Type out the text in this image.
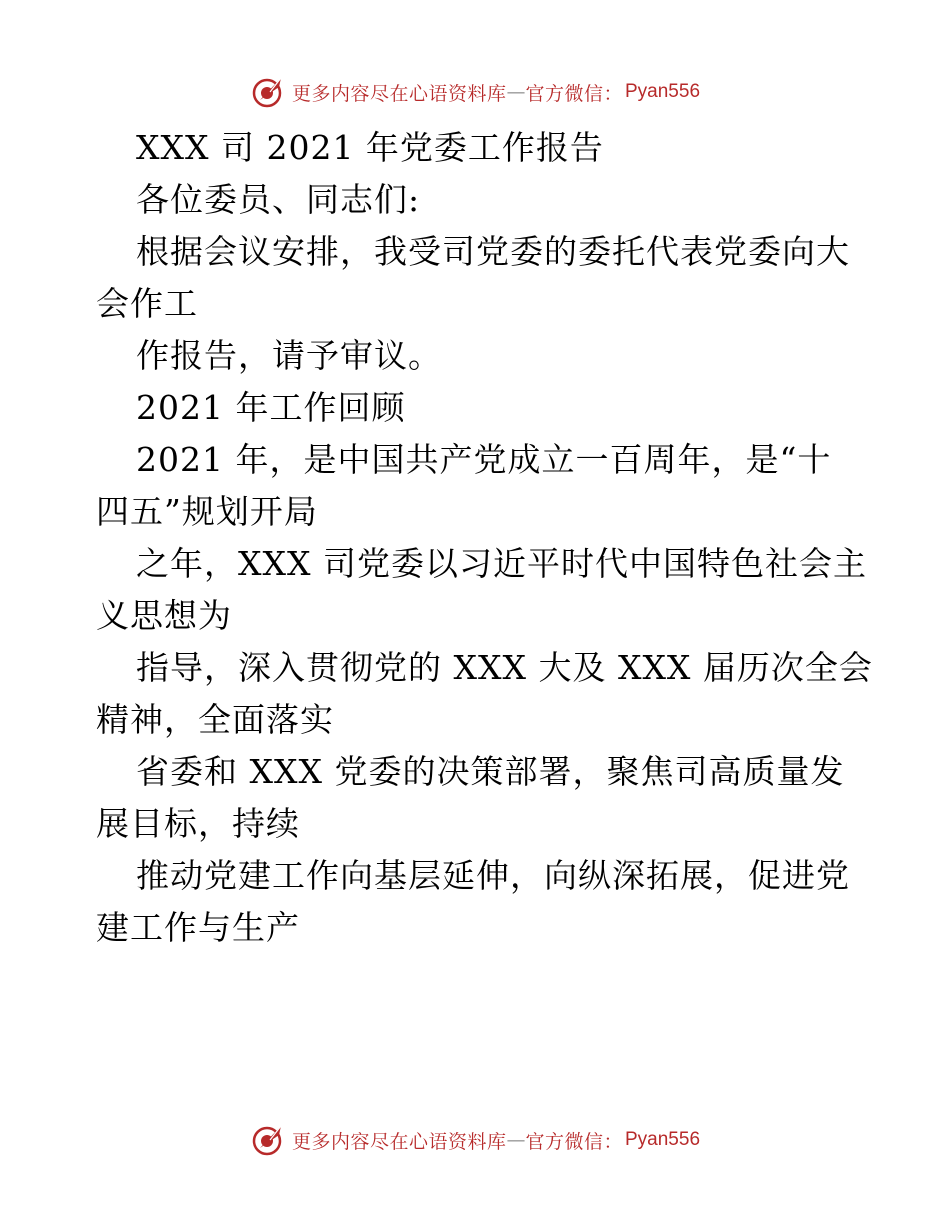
更多内容尽在心语资料库 — 官方微信： Pyan556

XXX 司 2021 年党委工作报告

各位委员、同志们:

根据会议安排，我受司党委的委托代表党委向大
会作工

作报告，请予审议。

2021 年工作回顾

2021 年，是中国共产党成立一百周年，是“十
四五”规划开局

之年，XXX 司党委以习近平时代中国特色社会主
义思想为

指导，深入贯彻党的 XXX 大及 XXX 届历次全会
精神，全面落实

省委和 XXX 党委的决策部署，聚焦司高质量发
展目标，持续

推动党建工作向基层延伸，向纵深拓展，促进党
建工作与生产

更多内容尽在心语资料库 — 官方微信： Pyan556
